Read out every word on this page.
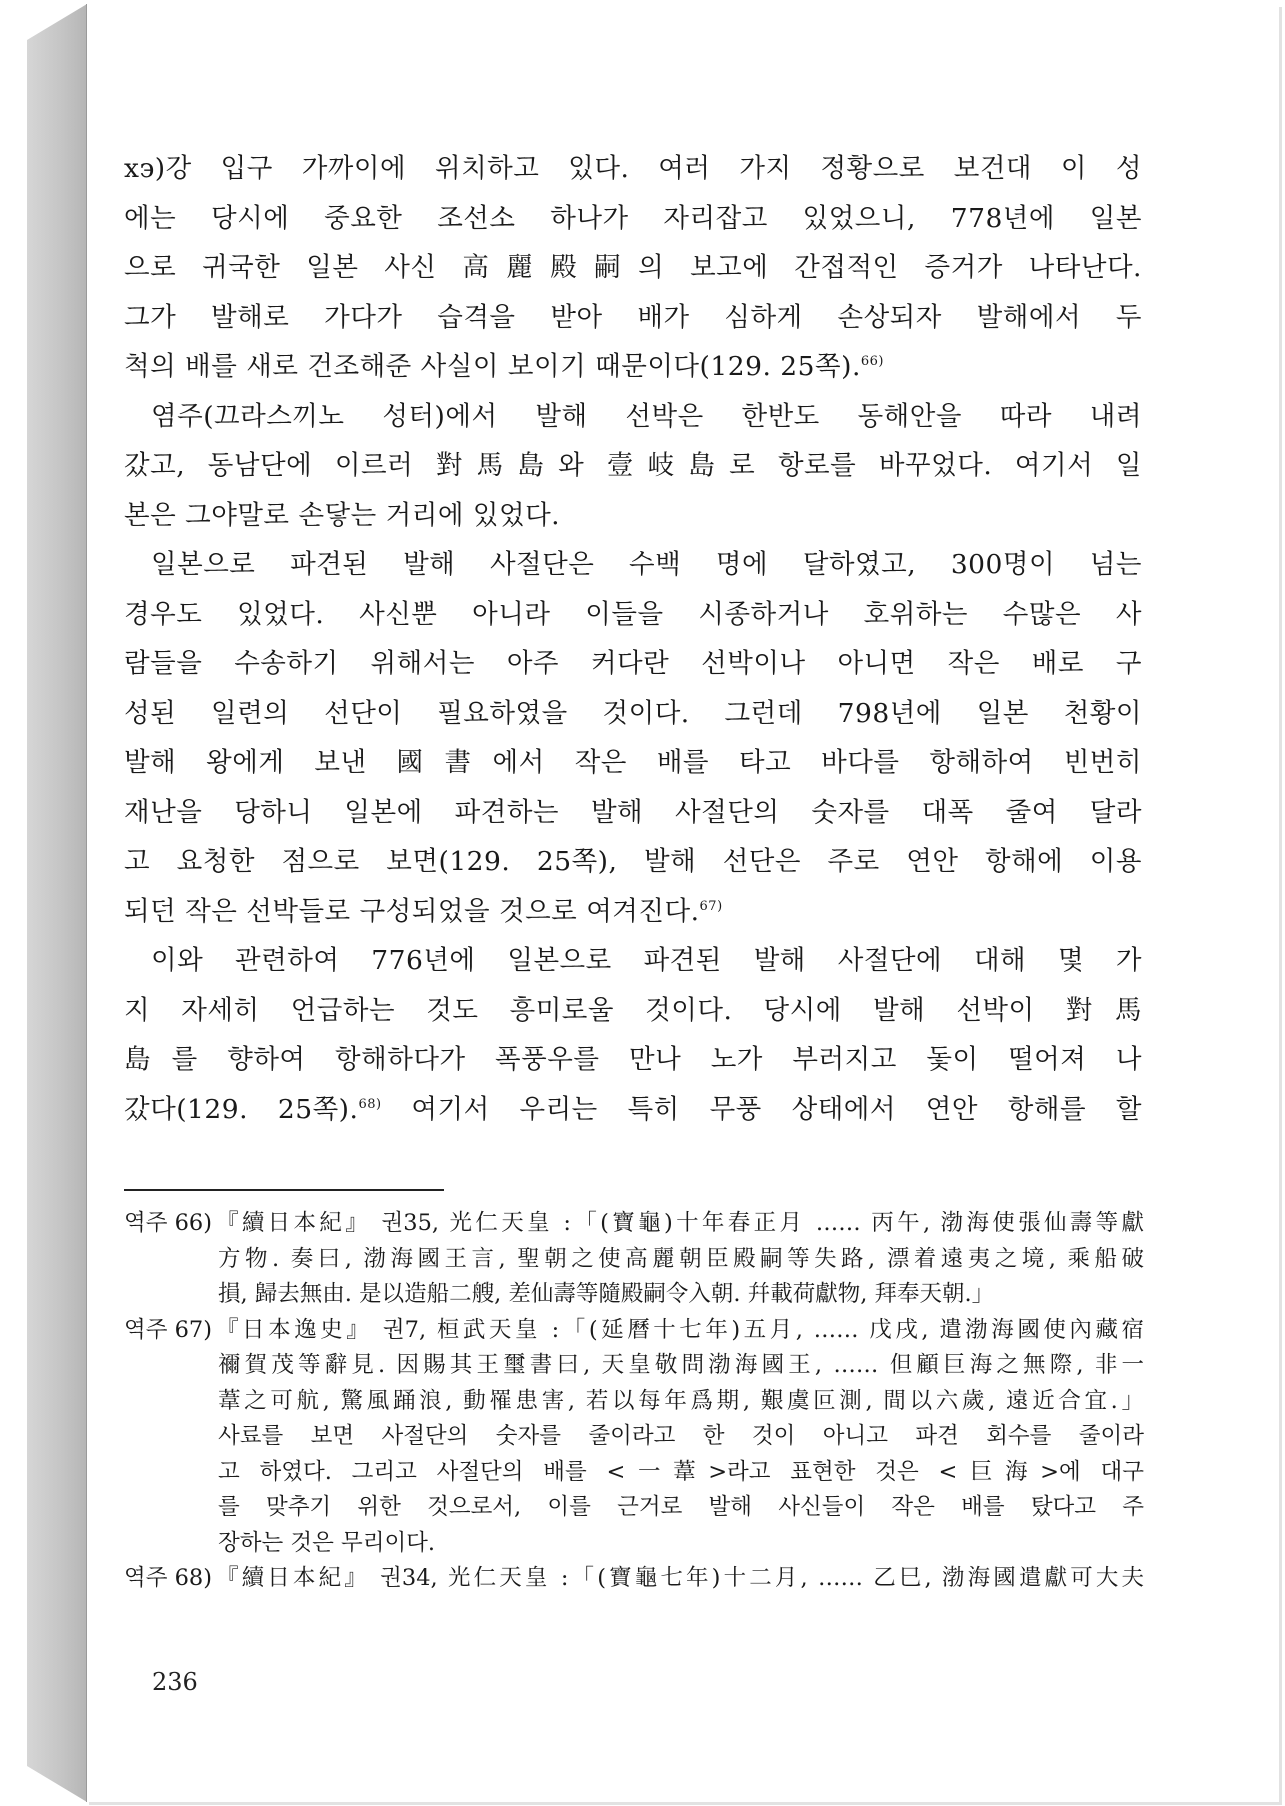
xэ)강 입구 가까이에 위치하고 있다. 여러 가지 정황으로 보건대 이 성
에는 당시에 중요한 조선소 하나가 자리잡고 있었으니, 778년에 일본
으로 귀국한 일본 사신 高麗殿嗣의 보고에 간접적인 증거가 나타난다.
그가 발해로 가다가 습격을 받아 배가 심하게 손상되자 발해에서 두
척의 배를 새로 건조해준 사실이 보이기 때문이다(129. 25쪽).$^{66)}$

염주(끄라스끼노 성터)에서 발해 선박은 한반도 동해안을 따라 내려
갔고, 동남단에 이르러 對馬島와 壹岐島로 항로를 바꾸었다. 여기서 일
본은 그야말로 손닿는 거리에 있었다.

일본으로 파견된 발해 사절단은 수백 명에 달하였고, 300명이 넘는
경우도 있었다. 사신뿐 아니라 이들을 시종하거나 호위하는 수많은 사
람들을 수송하기 위해서는 아주 커다란 선박이나 아니면 작은 배로 구
성된 일련의 선단이 필요하였을 것이다. 그런데 798년에 일본 천황이
발해 왕에게 보낸 國書에서 작은 배를 타고 바다를 항해하여 빈번히
재난을 당하니 일본에 파견하는 발해 사절단의 숫자를 대폭 줄여 달라
고 요청한 점으로 보면(129. 25쪽), 발해 선단은 주로 연안 항해에 이용
되던 작은 선박들로 구성되었을 것으로 여겨진다.$^{67)}$

이와 관련하여 776년에 일본으로 파견된 발해 사절단에 대해 몇 가
지 자세히 언급하는 것도 흥미로울 것이다. 당시에 발해 선박이 對馬
島를 향하여 항해하다가 폭풍우를 만나 노가 부러지고 돛이 떨어져 나
갔다(129. 25쪽).$^{68)}$ 여기서 우리는 특히 무풍 상태에서 연안 항해를 할

역주 66) 『續日本紀』 권35, 光仁天皇 :「(寶龜)十年春正月 …… 丙午, 渤海使張仙壽等獻
方物. 奏曰, 渤海國王言, 聖朝之使高麗朝臣殿嗣等失路, 漂着遠夷之境, 乘船破
損, 歸去無由. 是以造船二艘, 差仙壽等隨殿嗣令入朝. 幷載荷獻物, 拜奉天朝.」
역주 67) 『日本逸史』 권7, 桓武天皇 :「(延曆十七年)五月, …… 戊戌, 遣渤海國使內藏宿
禰賀茂等辭見. 因賜其王璽書曰, 天皇敬問渤海國王, …… 但顧巨海之無際, 非一
葦之可航, 驚風踊浪, 動罹患害, 若以每年爲期, 艱虞叵測, 間以六歲, 遠近合宜.」
사료를 보면 사절단의 숫자를 줄이라고 한 것이 아니고 파견 회수를 줄이라
고 하였다. 그리고 사절단의 배를 <一葦>라고 표현한 것은 <巨海>에 대구
를 맞추기 위한 것으로서, 이를 근거로 발해 사신들이 작은 배를 탔다고 주
장하는 것은 무리이다.
역주 68) 『續日本紀』 권34, 光仁天皇 :「(寶龜七年)十二月, …… 乙巳, 渤海國遣獻可大夫
236
